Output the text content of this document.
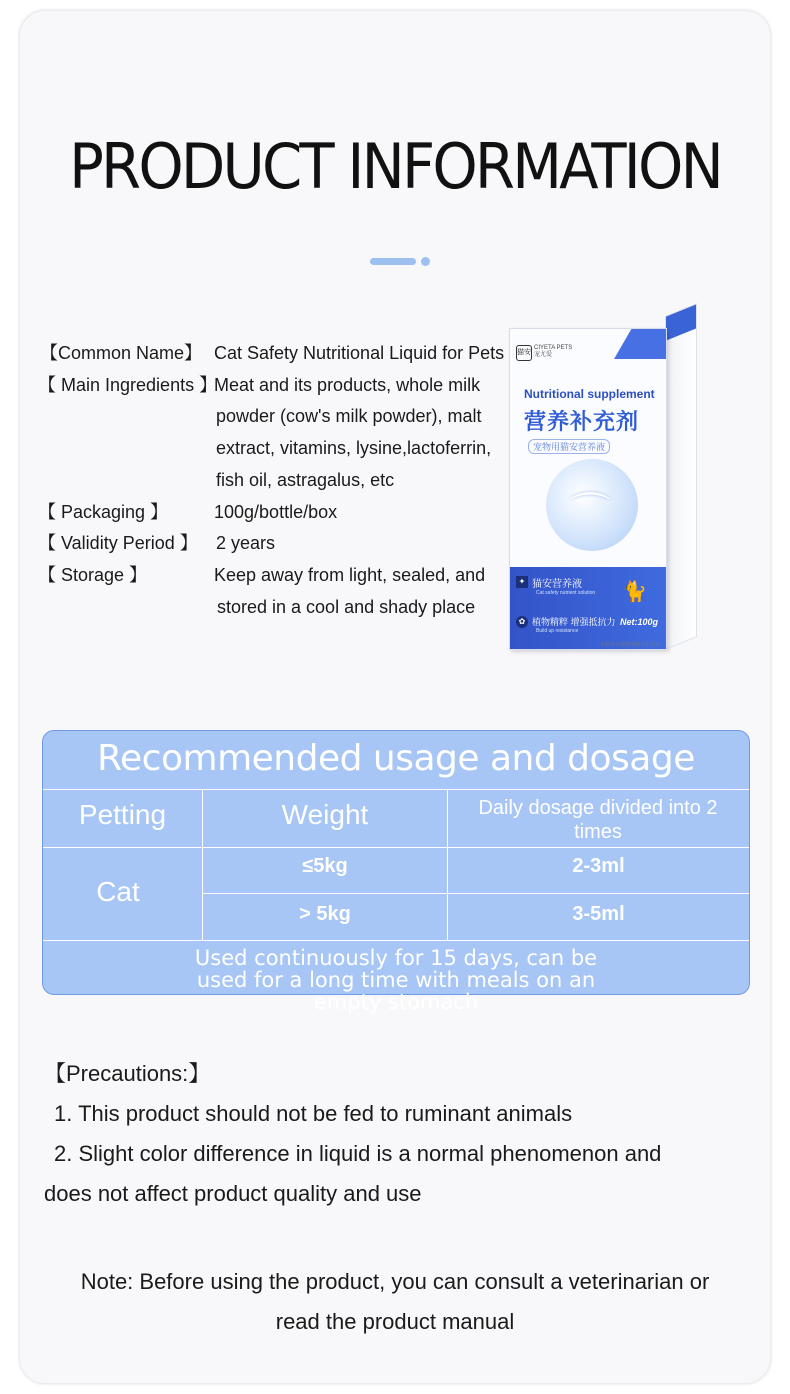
PRODUCT INFORMATION
【Common Name】 Cat Safety Nutritional Liquid for Pets
【 Main Ingredients 】
Meat and its products, whole milk
powder (cow's milk powder), malt
extract, vitamins, lysine,lactoferrin,
fish oil, astragalus, etc
【 Packaging 】	100g/bottle/box
【 Validity Period 】 2 years
【 Storage 】	Keep away from light, sealed, and
stored in a cool and shady place
猫安
CIYETA PETS
宠尤爱
Nutritional supplement
营养补充剂
宠物用猫安营养液
⌒
✦ 猫安营养液
Cat safety nutrient solution
✿ 植物精粹 增强抵抗力
Build up resistance
🐈
Net:100g
本品符合宠物饲料卫生规定
Recommended usage and dosage
Petting	Weight	Daily dosage divided into 2 times
Cat
≤5kg	2-3ml
> 5kg	3-5ml
Used continuously for 15 days, can be used for a long time with meals on an empty stomach
【Precautions:】
1. This product should not be fed to ruminant animals
2. Slight color difference in liquid is a normal phenomenon and
does not affect product quality and use
Note: Before using the product, you can consult a veterinarian or
read the product manual
